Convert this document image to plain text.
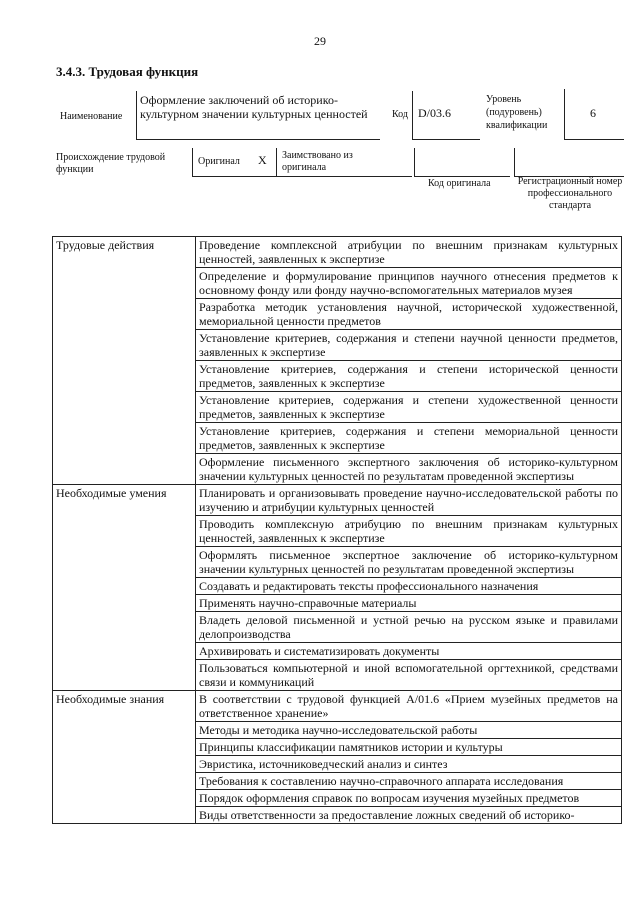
29
3.4.3. Трудовая функция
Наименование
Оформление заключений об историко-культурном значении культурных ценностей	Код D/03.6
Уровень (подуровень) квалификации
6
Происхождение трудовой функции
Оригинал X Заимствовано из оригинала
Код оригинала	Регистрационный номер профессионального стандарта
Трудовые действия	Проведение комплексной атрибуции по внешним признакам культурных ценностей, заявленных к экспертизе
	Определение и формулирование принципов научного отнесения предметов к основному фонду или фонду научно-вспомогательных материалов музея
	Разработка методик установления научной, исторической художественной, мемориальной ценности предметов
	Установление критериев, содержания и степени научной ценности предметов, заявленных к экспертизе
	Установление критериев, содержания и степени исторической ценности предметов, заявленных к экспертизе
	Установление критериев, содержания и степени художественной ценности предметов, заявленных к экспертизе
	Установление критериев, содержания и степени мемориальной ценности предметов, заявленных к экспертизе
	Оформление письменного экспертного заключения об историко-культурном значении культурных ценностей по результатам проведенной экспертизы
Необходимые умения	Планировать и организовывать проведение научно-исследовательской работы по изучению и атрибуции культурных ценностей
	Проводить комплексную атрибуцию по внешним признакам культурных ценностей, заявленных к экспертизе
	Оформлять письменное экспертное заключение об историко-культурном значении культурных ценностей по результатам проведенной экспертизы
	Создавать и редактировать тексты профессионального назначения
	Применять научно-справочные материалы
	Владеть деловой письменной и устной речью на русском языке и правилами делопроизводства
	Архивировать и систематизировать документы
	Пользоваться компьютерной и иной вспомогательной оргтехникой, средствами связи и коммуникаций
Необходимые знания	В соответствии с трудовой функцией A/01.6 «Прием музейных предметов на ответственное хранение»
	Методы и методика научно-исследовательской работы
	Принципы классификации памятников истории и культуры
	Эвристика, источниковедческий анализ и синтез
	Требования к составлению научно-справочного аппарата исследования
	Порядок оформления справок по вопросам изучения музейных предметов
	Виды ответственности за предоставление ложных сведений об историко-
